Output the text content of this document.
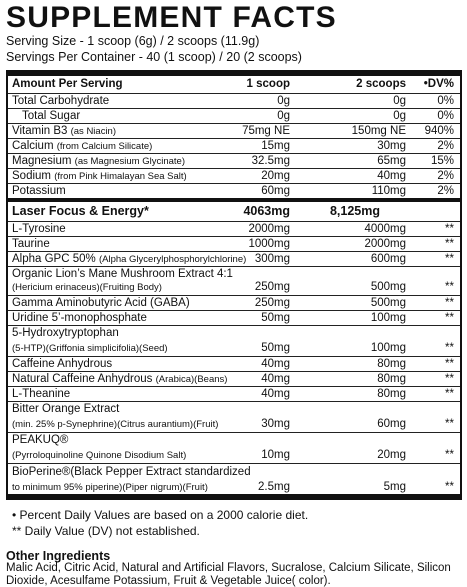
SUPPLEMENT FACTS
Serving Size - 1 scoop (6g) / 2 scoops (11.9g)
Servings Per Container - 40 (1 scoop) / 20 (2 scoops)
Amount Per Serving	1 scoop	2 scoops •DV%
Total Carbohydrate	0g	0g	0%
Total Sugar	0g	0g	0%
Vitamin B3 (as Niacin)	75mg NE	150mg NE 940%
Calcium (from Calcium Silicate)	15mg	30mg	2%
Magnesium (as Magnesium Glycinate)	32.5mg	65mg 15%
Sodium (from Pink Himalayan Sea Salt)	20mg	40mg	2%
Potassium	60mg	110mg	2%
Laser Focus & Energy*	4063mg	8,125mg
L-Tyrosine	2000mg	4000mg	**
Taurine	1000mg	2000mg	**
Alpha GPC 50% (Alpha Glycerylphosphorylchlorine) 300mg	600mg	**
Organic Lion’s Mane Mushroom Extract 4:1
(Hericium erinaceus)(Fruiting Body)	250mg	500mg	**
Gamma Aminobutyric Acid (GABA)	250mg	500mg	**
Uridine 5’-monophosphate	50mg	100mg	**
5-Hydroxytryptophan
(5-HTP)(Griffonia simplicifolia)(Seed)	50mg	100mg	**
Caffeine Anhydrous	40mg	80mg	**
Natural Caffeine Anhydrous (Arabica)(Beans)	40mg	80mg	**
L-Theanine	40mg	80mg	**
Bitter Orange Extract
(min. 25% p-Synephrine)(Citrus aurantium)(Fruit)	30mg	60mg	**
PEAKUQ®
(Pyrroloquinoline Quinone Disodium Salt)	10mg	20mg	**
BioPerine®(Black Pepper Extract standardized
to minimum 95% piperine)(Piper nigrum)(Fruit)	2.5mg	5mg	**
• Percent Daily Values are based on a 2000 calorie diet.
** Daily Value (DV) not established.
Other Ingredients
Malic Acid, Citric Acid, Natural and Artificial Flavors, Sucralose, Calcium Silicate, Silicon Dioxide, Acesulfame Potassium, Fruit & Vegetable Juice( color).
